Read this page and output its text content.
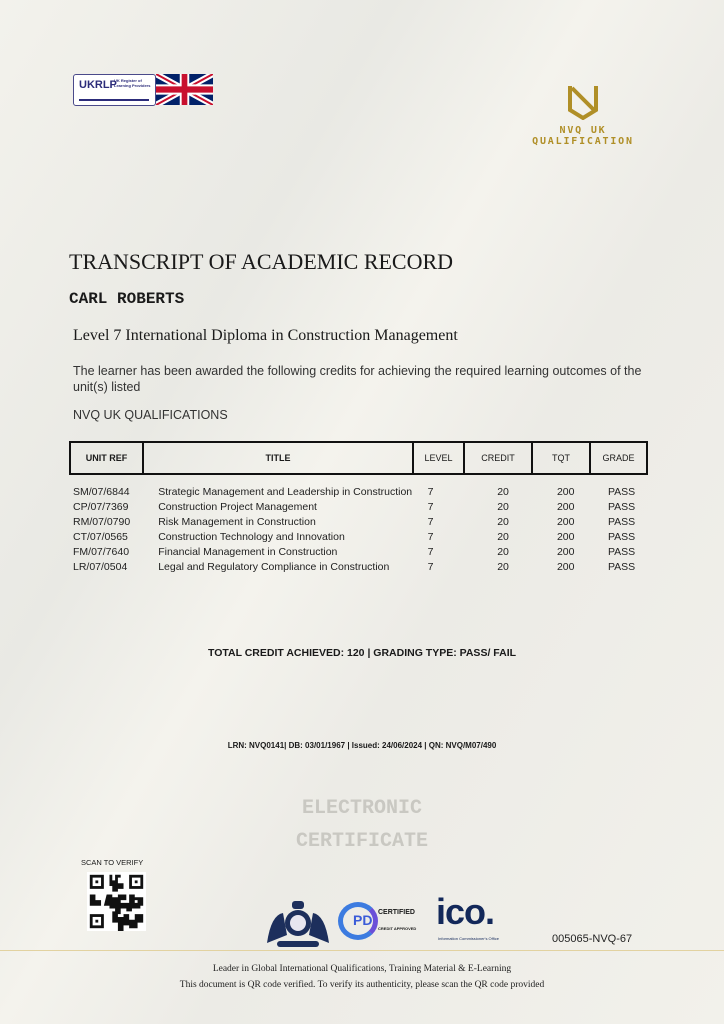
UKRLP
UK Register of Learning Providers
NVQ UK QUALIFICATION
TRANSCRIPT OF ACADEMIC RECORD
CARL ROBERTS
Level 7 International Diploma in Construction Management
The learner has been awarded the following credits for achieving the required learning outcomes of the unit(s) listed
NVQ UK QUALIFICATIONS
UNIT REF	TITLE	LEVEL	CREDIT	TQT	GRADE
SM/07/6844	Strategic Management and Leadership in Construction	7	20	200	PASS
CP/07/7369	Construction Project Management	7	20	200	PASS
RM/07/0790	Risk Management in Construction	7	20	200	PASS
CT/07/0565	Construction Technology and Innovation	7	20	200	PASS
FM/07/7640	Financial Management in Construction	7	20	200	PASS
LR/07/0504	Legal and Regulatory Compliance in Construction	7	20	200	PASS
TOTAL CREDIT ACHIEVED: 120 | GRADING TYPE: PASS/ FAIL
LRN: NVQ0141| DB: 03/01/1967 | Issued: 24/06/2024 | QN: NVQ/M07/490
ELECTRONIC
CERTIFICATE
SCAN TO VERIFY
PD CERTIFIED
CREDIT APPROVED ico.
Information Commissioner's Office	005065-NVQ-67
Leader in Global International Qualifications, Training Material & E-Learning
This document is QR code verified. To verify its authenticity, please scan the QR code provided
